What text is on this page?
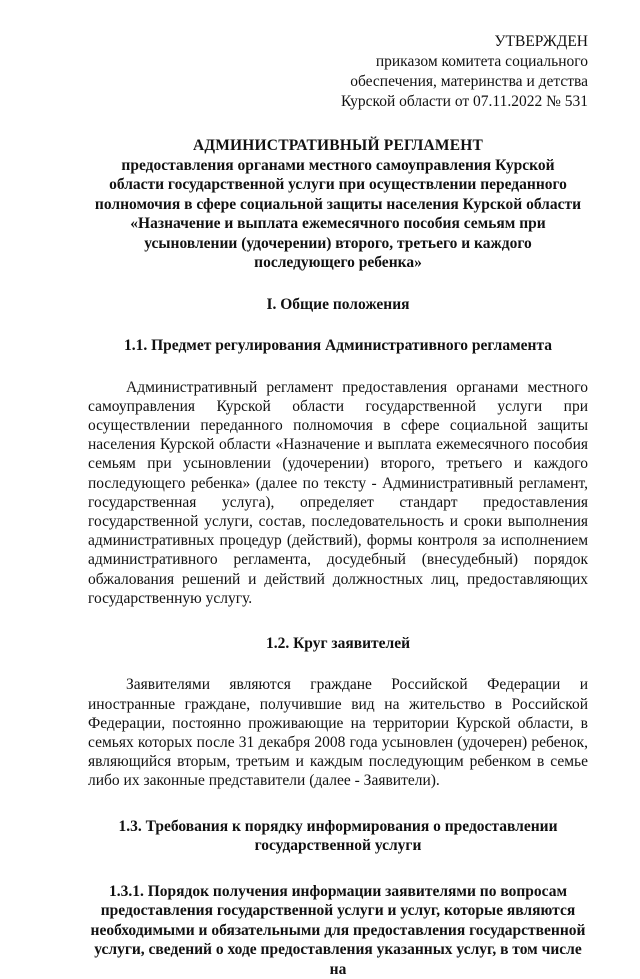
УТВЕРЖДЕН
приказом комитета социального
обеспечения, материнства и детства
Курской области от 07.11.2022 № 531
АДМИНИСТРАТИВНЫЙ РЕГЛАМЕНТ
предоставления органами местного самоуправления Курской
области государственной услуги при осуществлении переданного
полномочия в сфере социальной защиты населения Курской области
«Назначение и выплата ежемесячного пособия семьям при
усыновлении (удочерении) второго, третьего и каждого
последующего ребенка»
I. Общие положения
1.1. Предмет регулирования Административного регламента

Административный регламент предоставления органами местного самоуправления Курской области государственной услуги при осуществлении переданного полномочия в сфере социальной защиты населения Курской области «Назначение и выплата ежемесячного пособия семьям при усыновлении (удочерении) второго, третьего и каждого последующего ребенка» (далее по тексту - Административный регламент, государственная услуга), определяет стандарт предоставления государственной услуги, состав, последовательность и сроки выполнения административных процедур (действий), формы контроля за исполнением административного регламента, досудебный (внесудебный) порядок обжалования решений и действий должностных лиц, предоставляющих государственную услугу.

1.2. Круг заявителей

Заявителями являются граждане Российской Федерации и иностранные граждане, получившие вид на жительство в Российской Федерации, постоянно проживающие на территории Курской области, в семьях которых после 31 декабря 2008 года усыновлен (удочерен) ребенок, являющийся вторым, третьим и каждым последующим ребенком в семье либо их законные представители (далее - Заявители).

1.3. Требования к порядку информирования о предоставлении
государственной услуги
1.3.1. Порядок получения информации заявителями по вопросам
предоставления государственной услуги и услуг, которые являются
необходимыми и обязательными для предоставления государственной
услуги, сведений о ходе предоставления указанных услуг, в том числе на
